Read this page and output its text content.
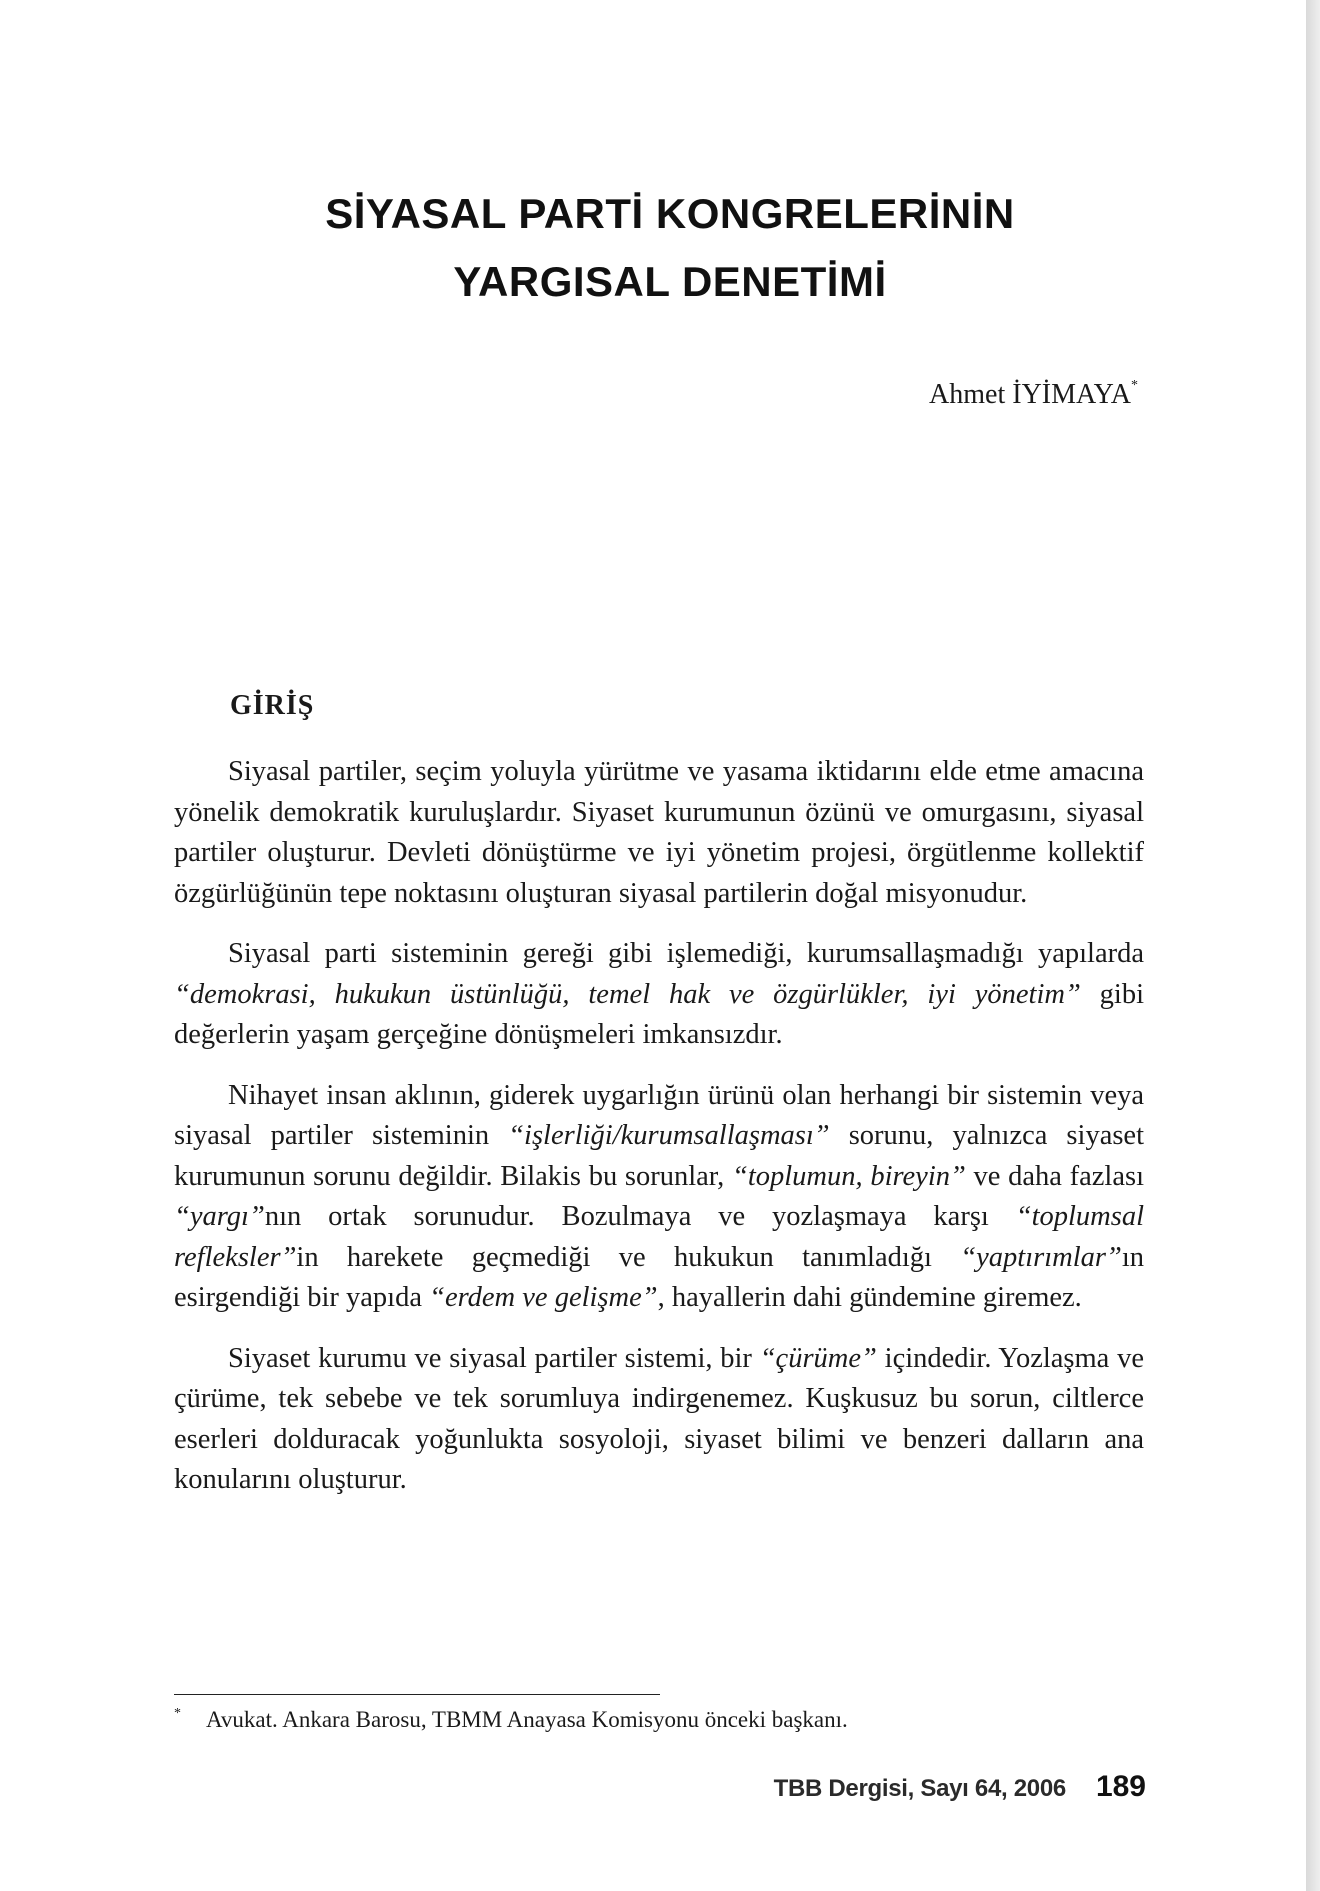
SİYASAL PARTİ KONGRELERİNİN
YARGISAL DENETİMİ
Ahmet İYİMAYA*
GİRİŞ

Siyasal partiler, seçim yoluyla yürütme ve yasama iktidarını elde etme amacına yönelik demokratik kuruluşlardır. Siyaset kurumunun özünü ve omurgasını, siyasal partiler oluşturur. Devleti dönüştürme ve iyi yönetim projesi, örgütlenme kollektif özgürlüğünün tepe noktasını oluşturan siyasal partilerin doğal misyonudur.

Siyasal parti sisteminin gereği gibi işlemediği, kurumsallaşmadığı yapılarda “demokrasi, hukukun üstünlüğü, temel hak ve özgürlükler, iyi yönetim” gibi değerlerin yaşam gerçeğine dönüşmeleri imkansızdır.

Nihayet insan aklının, giderek uygarlığın ürünü olan herhangi bir sistemin veya siyasal partiler sisteminin “işlerliği/kurumsallaşması” sorunu, yalnızca siyaset kurumunun sorunu değildir. Bilakis bu sorunlar, “toplumun, bireyin” ve daha fazlası “yargı”nın ortak sorunudur. Bozulmaya ve yozlaşmaya karşı “toplumsal refleksler”in harekete geçmediği ve hukukun tanımladığı “yaptırımlar”ın esirgendiği bir yapıda “erdem ve gelişme”, hayallerin dahi gündemine giremez.

Siyaset kurumu ve siyasal partiler sistemi, bir “çürüme” içindedir. Yozlaşma ve çürüme, tek sebebe ve tek sorumluya indirgenemez. Kuşkusuz bu sorun, ciltlerce eserleri dolduracak yoğunlukta sosyoloji, siyaset bilimi ve benzeri dalların ana konularını oluşturur.

* Avukat. Ankara Barosu, TBMM Anayasa Komisyonu önceki başkanı.
TBB Dergisi, Sayı 64, 2006 189
